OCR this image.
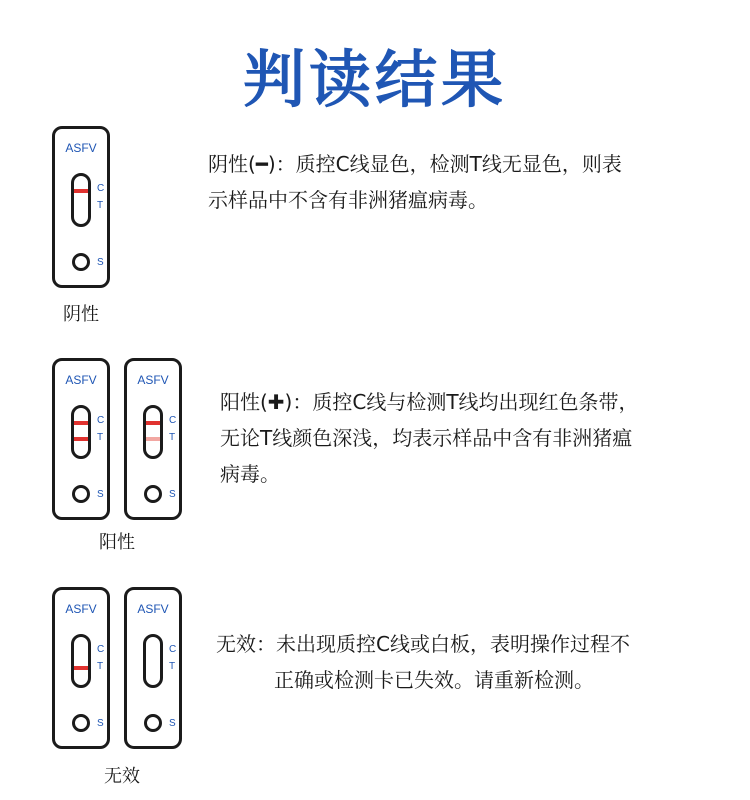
判读结果
ASFV
C
T
S
阴性
阴性(━)：质控C线显色，检测T线无显色，则表
示样品中不含有非洲猪瘟病毒。
ASFV
C
T
S
ASFV
C
T
S
阳性
阳性(✚)：质控C线与检测T线均出现红色条带，
无论T线颜色深浅，均表示样品中含有非洲猪瘟
病毒。
ASFV
C
T
S
ASFV
C
T
S
无效
无效：未出现质控C线或白板，表明操作过程不
正确或检测卡已失效。请重新检测。
